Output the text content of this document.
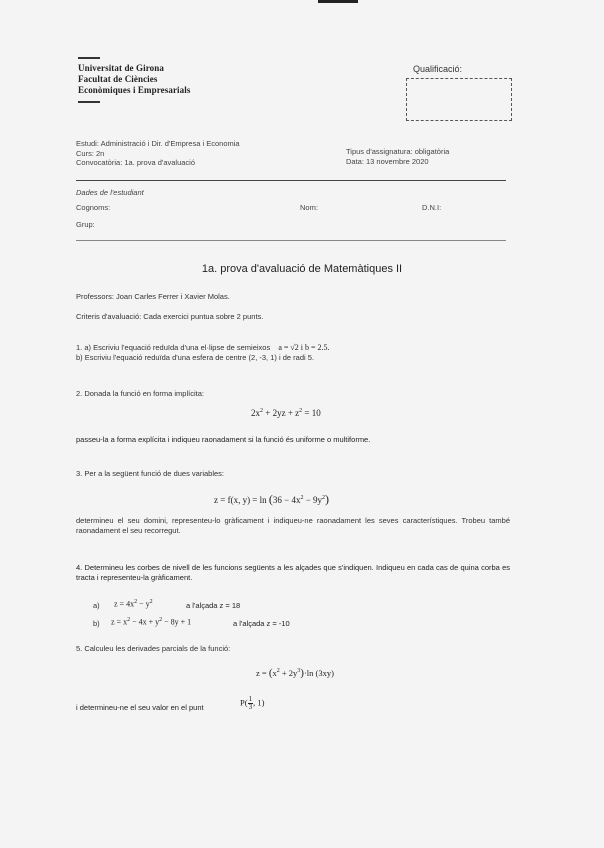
Universitat de Girona
Facultat de Ciències
Econòmiques i Empresarials
Qualificació:
Estudi: Administració i Dir. d'Empresa i Economia
Curs: 2n
Convocatòria: 1a. prova d'avaluació
Tipus d'assignatura: obligatòria
Data: 13 novembre 2020
Dades de l'estudiant
Cognoms:	Nom:	D.N.I:
Grup:
1a. prova d'avaluació de Matemàtiques II
Professors: Joan Carles Ferrer i Xavier Molas.
Criteris d'avaluació: Cada exercici puntua sobre 2 punts.
1. a) Escriviu l'equació reduïda d'una el·lipse de semieixos a = √2 i b = 2.5.
b) Escriviu l'equació reduïda d'una esfera de centre (2, -3, 1) i de radi 5.
2. Donada la funció en forma implícita:
$2x^2 + 2yz + z^2 = 10$
passeu-la a forma explícita i indiqueu raonadament si la funció és uniforme o multiforme.
3. Per a la següent funció de dues variables:
z = f(x, $y) = \ln (36 - 4x^2 - 9y^2)$
determineu el seu domini, representeu-lo gràficament i indiqueu-ne raonadament les seves característiques. Trobeu també raonadament el seu recorregut.
4. Determineu les corbes de nivell de les funcions següents a les alçades que s'indiquen. Indiqueu en cada cas de quina corba es tracta i representeu-la gràficament.
a) $z = 4x^2 - y^2$	a l'alçada z = 18
b) $z = x^2 - 4x + y^2 - 8y + 1$	a l'alçada z = -10
5. Calculeu les derivades parcials de la funció:
$z = (x^2 + 2y^3)\cdot\ln$ (3xy)
i determineu-ne el seu valor en el punt
$P( \frac{1}{3}$ , 1)
